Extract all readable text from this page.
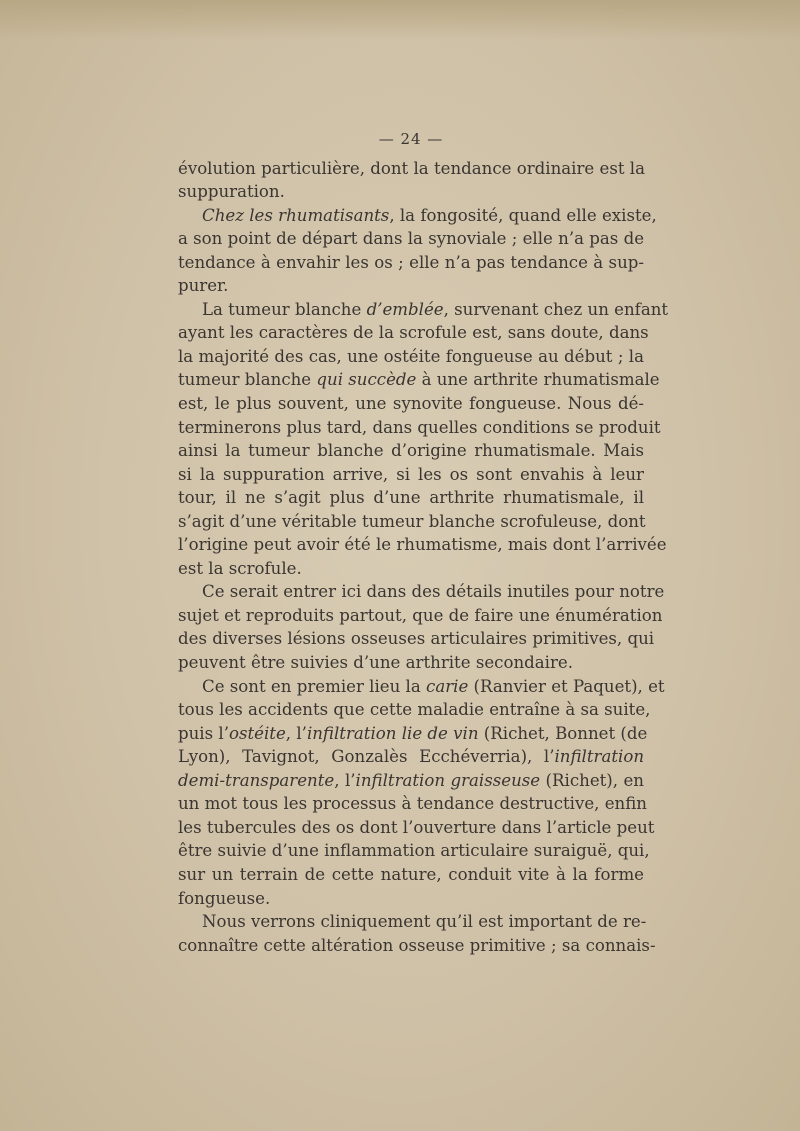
— 24 —
évolution particulière, dont la tendance ordinaire est la
suppuration.
Chez les rhumatisants, la fongosité, quand elle existe,
a son point de départ dans la synoviale ; elle n’a pas de
tendance à envahir les os ; elle n’a pas tendance à sup-
purer.
La tumeur blanche d’emblée, survenant chez un enfant
ayant les caractères de la scrofule est, sans doute, dans
la majorité des cas, une ostéite fongueuse au début ; la
tumeur blanche qui succède à une arthrite rhumatismale
est, le plus souvent, une synovite fongueuse. Nous dé-
terminerons plus tard, dans quelles conditions se produit
ainsi la tumeur blanche d’origine rhumatismale. Mais
si la suppuration arrive, si les os sont envahis à leur
tour, il ne s’agit plus d’une arthrite rhumatismale, il
s’agit d’une véritable tumeur blanche scrofuleuse, dont
l’origine peut avoir été le rhumatisme, mais dont l’arrivée
est la scrofule.
Ce serait entrer ici dans des détails inutiles pour notre
sujet et reproduits partout, que de faire une énumération
des diverses lésions osseuses articulaires primitives, qui
peuvent être suivies d’une arthrite secondaire.
Ce sont en premier lieu la carie (Ranvier et Paquet), et
tous les accidents que cette maladie entraîne à sa suite,
puis l’ostéite, l’infiltration lie de vin (Richet, Bonnet (de
Lyon), Tavignot, Gonzalès Ecchéverria), l’infiltration
demi-transparente, l’infiltration graisseuse (Richet), en
un mot tous les processus à tendance destructive, enfin
les tubercules des os dont l’ouverture dans l’article peut
être suivie d’une inflammation articulaire suraiguë, qui,
sur un terrain de cette nature, conduit vite à la forme
fongueuse.
Nous verrons cliniquement qu’il est important de re-
connaître cette altération osseuse primitive ; sa connais-
